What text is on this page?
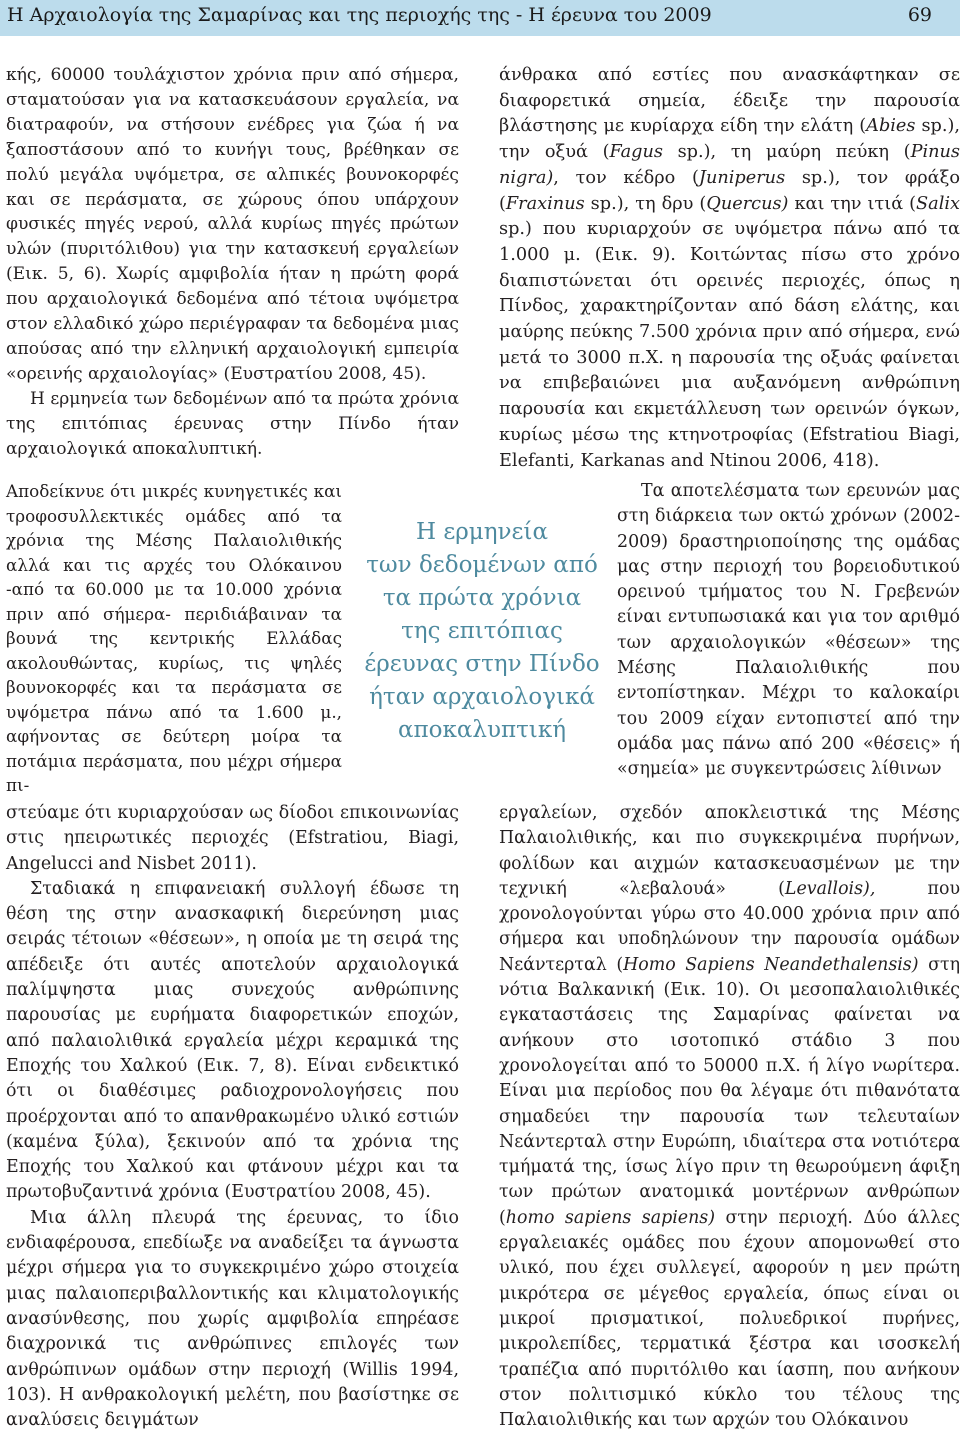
Η Αρχαιολογία της Σαμαρίνας και της περιοχής της - Η έρευνα του 2009	69

κής, 60000 τουλάχιστον χρόνια πριν από σήμερα, σταματούσαν για να κατασκευάσουν εργαλεία, να διατραφούν, να στήσουν ενέδρες για ζώα ή να ξαποστάσουν από το κυνήγι τους, βρέθηκαν σε πολύ μεγάλα υψόμετρα, σε αλπικές βουνοκορφές και σε περάσματα, σε χώρους όπου υπάρχουν φυσικές πηγές νερού, αλλά κυρίως πηγές πρώτων υλών (πυριτόλιθου) για την κατασκευή εργαλείων (Εικ. 5, 6). Χωρίς αμφιβολία ήταν η πρώτη φορά που αρχαιολογικά δεδομένα από τέτοια υψόμετρα στον ελλαδικό χώρο περιέγραφαν τα δεδομένα μιας απούσας από την ελληνική αρχαιολογική εμπειρία «ορεινής αρχαιολογίας» (Ευστρατίου 2008, 45).

Η ερμηνεία των δεδομένων από τα πρώτα χρόνια της επιτόπιας έρευνας στην Πίνδο ήταν αρχαιολογικά αποκαλυπτική.

Αποδείκνυε ότι μικρές κυνηγετικές και τροφοσυλλεκτικές ομάδες από τα χρόνια της Μέσης Παλαιολιθικής αλλά και τις αρχές του Ολόκαινου -από τα 60.000 με τα 10.000 χρόνια πριν από σήμερα- περιδιάβαιναν τα βουνά της κεντρικής Ελλάδας ακολουθώντας, κυρίως, τις ψηλές βουνοκορφές και τα περάσματα σε υψόμετρα πάνω από τα 1.600 μ., αφήνοντας σε δεύτερη μοίρα τα ποτάμια περάσματα, που μέχρι σήμερα πι-

Η ερμηνεία
των δεδομένων από
τα πρώτα χρόνια
της επιτόπιας
έρευνας στην Πίνδο
ήταν αρχαιολογικά
αποκαλυπτική

στεύαμε ότι κυριαρχούσαν ως δίοδοι επικοινωνίας στις ηπειρωτικές περιοχές (Efstratiou, Biagi, Angelucci and Nisbet 2011).

Σταδιακά η επιφανειακή συλλογή έδωσε τη θέση της στην ανασκαφική διερεύνηση μιας σειράς τέτοιων «θέσεων», η οποία με τη σειρά της απέδειξε ότι αυτές αποτελούν αρχαιολογικά παλίμψηστα μιας συνεχούς ανθρώπινης παρουσίας με ευρήματα διαφορετικών εποχών, από παλαιολιθικά εργαλεία μέχρι κεραμικά της Εποχής του Χαλκού (Εικ. 7, 8). Είναι ενδεικτικό ότι οι διαθέσιμες ραδιοχρονολογήσεις που προέρχονται από το απανθρακωμένο υλικό εστιών (καμένα ξύλα), ξεκινούν από τα χρόνια της Εποχής του Χαλκού και φτάνουν μέχρι και τα πρωτοβυζαντινά χρόνια (Ευστρατίου 2008, 45).

Μια άλλη πλευρά της έρευνας, το ίδιο ενδιαφέρουσα, επεδίωξε να αναδείξει τα άγνωστα μέχρι σήμερα για το συγκεκριμένο χώρο στοιχεία μιας παλαιοπεριβαλλοντικής και κλιματολογικής ανασύνθεσης, που χωρίς αμφιβολία επηρέασε διαχρονικά τις ανθρώπινες επιλογές των ανθρώπινων ομάδων στην περιοχή (Willis 1994, 103). Η ανθρακολογική μελέτη, που βασίστηκε σε αναλύσεις δειγμάτων

άνθρακα από εστίες που ανασκάφτηκαν σε διαφορετικά σημεία, έδειξε την παρουσία βλάστησης με κυρίαρχα είδη την ελάτη (Abies sp.), την οξυά (Fagus sp.), τη μαύρη πεύκη (Pinus nigra), τον κέδρο (Juniperus sp.), τον φράξο (Fraxinus sp.), τη δρυ (Quercus) και την ιτιά (Salix sp.) που κυριαρχούν σε υψόμετρα πάνω από τα 1.000 μ. (Εικ. 9). Κοιτώντας πίσω στο χρόνο διαπιστώνεται ότι ορεινές περιοχές, όπως η Πίνδος, χαρακτηρίζονταν από δάση ελάτης, και μαύρης πεύκης 7.500 χρόνια πριν από σήμερα, ενώ μετά το 3000 π.Χ. η παρουσία της οξυάς φαίνεται να επιβεβαιώνει μια αυξανόμενη ανθρώπινη παρουσία και εκμετάλλευση των ορεινών όγκων, κυρίως μέσω της κτηνοτροφίας (Efstratiou Biagi, Elefanti, Karkanas and Ntinou 2006, 418).

Τα αποτελέσματα των ερευνών μας στη διάρκεια των οκτώ χρόνων (2002-2009) δραστηριοποίησης της ομάδας μας στην περιοχή του βορειοδυτικού ορεινού τμήματος του Ν. Γρεβενών είναι εντυπωσιακά και για τον αριθμό των αρχαιολογικών «θέσεων» της Μέσης Παλαιολιθικής που εντοπίστηκαν. Μέχρι το καλοκαίρι του 2009 είχαν εντοπιστεί από την ομάδα μας πάνω από 200 «θέσεις» ή «σημεία» με συγκεντρώσεις λίθινων

εργαλείων, σχεδόν αποκλειστικά της Μέσης Παλαιολιθικής, και πιο συγκεκριμένα πυρήνων, φολίδων και αιχμών κατασκευασμένων με την τεχνική «λεβαλουά» (Levallois), που χρονολογούνται γύρω στο 40.000 χρόνια πριν από σήμερα και υποδηλώνουν την παρουσία ομάδων Νεάντερταλ (Homo Sapiens Neandethalensis) στη νότια Βαλκανική (Εικ. 10). Οι μεσοπαλαιολιθικές εγκαταστάσεις της Σαμαρίνας φαίνεται να ανήκουν στο ισοτοπικό στάδιο 3 που χρονολογείται από το 50000 π.Χ. ή λίγο νωρίτερα. Είναι μια περίοδος που θα λέγαμε ότι πιθανότατα σημαδεύει την παρουσία των τελευταίων Νεάντερταλ στην Ευρώπη, ιδιαίτερα στα νοτιότερα τμήματά της, ίσως λίγο πριν τη θεωρούμενη άφιξη των πρώτων ανατομικά μοντέρνων ανθρώπων (homo sapiens sapiens) στην περιοχή. Δύο άλλες εργαλειακές ομάδες που έχουν απομονωθεί στο υλικό, που έχει συλλεγεί, αφορούν η μεν πρώτη μικρότερα σε μέγεθος εργαλεία, όπως είναι οι μικροί πρισματικοί, πολυεδρικοί πυρήνες, μικρολεπίδες, τερματικά ξέστρα και ισοσκελή τραπέζια από πυριτόλιθο και ίασπη, που ανήκουν στον πολιτισμικό κύκλο του τέλους της Παλαιολιθικής και των αρχών του Ολόκαινου
